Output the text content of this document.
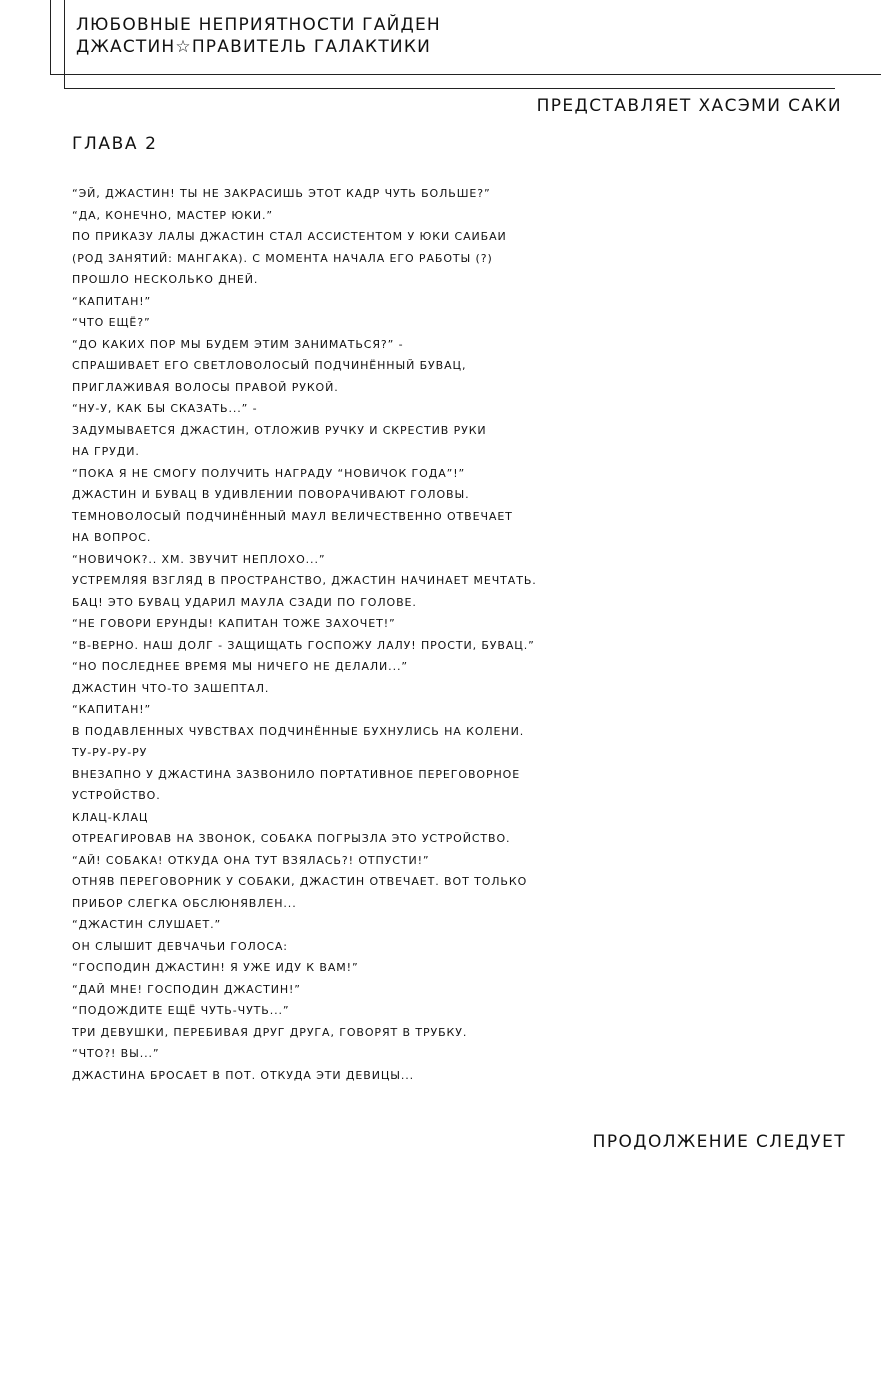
ЛЮБОВНЫЕ НЕПРИЯТНОСТИ ГАЙДЕН
ДЖАСТИН☆ПРАВИТЕЛЬ ГАЛАКТИКИ
ПРЕДСТАВЛЯЕТ ХАСЭМИ САКИ
ГЛАВА 2
“ЭЙ, ДЖАСТИН! ТЫ НЕ ЗАКРАСИШЬ ЭТОТ КАДР ЧУТЬ БОЛЬШЕ?”
“ДА, КОНЕЧНО, МАСТЕР ЮКИ.”
ПО ПРИКАЗУ ЛАЛЫ ДЖАСТИН СТАЛ АССИСТЕНТОМ У ЮКИ САИБАИ
(РОД ЗАНЯТИЙ: МАНГАКА). С МОМЕНТА НАЧАЛА ЕГО РАБОТЫ (?)
ПРОШЛО НЕСКОЛЬКО ДНЕЙ.
“КАПИТАН!”
“ЧТО ЕЩЁ?”
“ДО КАКИХ ПОР МЫ БУДЕМ ЭТИМ ЗАНИМАТЬСЯ?” -
СПРАШИВАЕТ ЕГО СВЕТЛОВОЛОСЫЙ ПОДЧИНЁННЫЙ БУВАЦ,
ПРИГЛАЖИВАЯ ВОЛОСЫ ПРАВОЙ РУКОЙ.
“НУ-У, КАК БЫ СКАЗАТЬ...” -
ЗАДУМЫВАЕТСЯ ДЖАСТИН, ОТЛОЖИВ РУЧКУ И СКРЕСТИВ РУКИ
НА ГРУДИ.
“ПОКА Я НЕ СМОГУ ПОЛУЧИТЬ НАГРАДУ “НОВИЧОК ГОДА”!”
ДЖАСТИН И БУВАЦ В УДИВЛЕНИИ ПОВОРАЧИВАЮТ ГОЛОВЫ.
ТЕМНОВОЛОСЫЙ ПОДЧИНЁННЫЙ МАУЛ ВЕЛИЧЕСТВЕННО ОТВЕЧАЕТ
НА ВОПРОС.
“НОВИЧОК?.. ХМ. ЗВУЧИТ НЕПЛОХО...”
УСТРЕМЛЯЯ ВЗГЛЯД В ПРОСТРАНСТВО, ДЖАСТИН НАЧИНАЕТ МЕЧТАТЬ.
БАЦ! ЭТО БУВАЦ УДАРИЛ МАУЛА СЗАДИ ПО ГОЛОВЕ.
“НЕ ГОВОРИ ЕРУНДЫ! КАПИТАН ТОЖЕ ЗАХОЧЕТ!”
“В-ВЕРНО. НАШ ДОЛГ - ЗАЩИЩАТЬ ГОСПОЖУ ЛАЛУ! ПРОСТИ, БУВАЦ.”
“НО ПОСЛЕДНЕЕ ВРЕМЯ МЫ НИЧЕГО НЕ ДЕЛАЛИ...”
ДЖАСТИН ЧТО-ТО ЗАШЕПТАЛ.
“КАПИТАН!”
В ПОДАВЛЕННЫХ ЧУВСТВАХ ПОДЧИНЁННЫЕ БУХНУЛИСЬ НА КОЛЕНИ.
ТУ-РУ-РУ-РУ
ВНЕЗАПНО У ДЖАСТИНА ЗАЗВОНИЛО ПОРТАТИВНОЕ ПЕРЕГОВОРНОЕ
УСТРОЙСТВО.
КЛАЦ-КЛАЦ
ОТРЕАГИРОВАВ НА ЗВОНОК, СОБАКА ПОГРЫЗЛА ЭТО УСТРОЙСТВО.
“АЙ! СОБАКА! ОТКУДА ОНА ТУТ ВЗЯЛАСЬ?! ОТПУСТИ!”
ОТНЯВ ПЕРЕГОВОРНИК У СОБАКИ, ДЖАСТИН ОТВЕЧАЕТ. ВОТ ТОЛЬКО
ПРИБОР СЛЕГКА ОБСЛЮНЯВЛЕН...
“ДЖАСТИН СЛУШАЕТ.”
ОН СЛЫШИТ ДЕВЧАЧЬИ ГОЛОСА:
“ГОСПОДИН ДЖАСТИН! Я УЖЕ ИДУ К ВАМ!”
“ДАЙ МНЕ! ГОСПОДИН ДЖАСТИН!”
“ПОДОЖДИТЕ ЕЩЁ ЧУТЬ-ЧУТЬ...”
ТРИ ДЕВУШКИ, ПЕРЕБИВАЯ ДРУГ ДРУГА, ГОВОРЯТ В ТРУБКУ.
“ЧТО?! ВЫ...”
ДЖАСТИНА БРОСАЕТ В ПОТ. ОТКУДА ЭТИ ДЕВИЦЫ...
ПРОДОЛЖЕНИЕ СЛЕДУЕТ
